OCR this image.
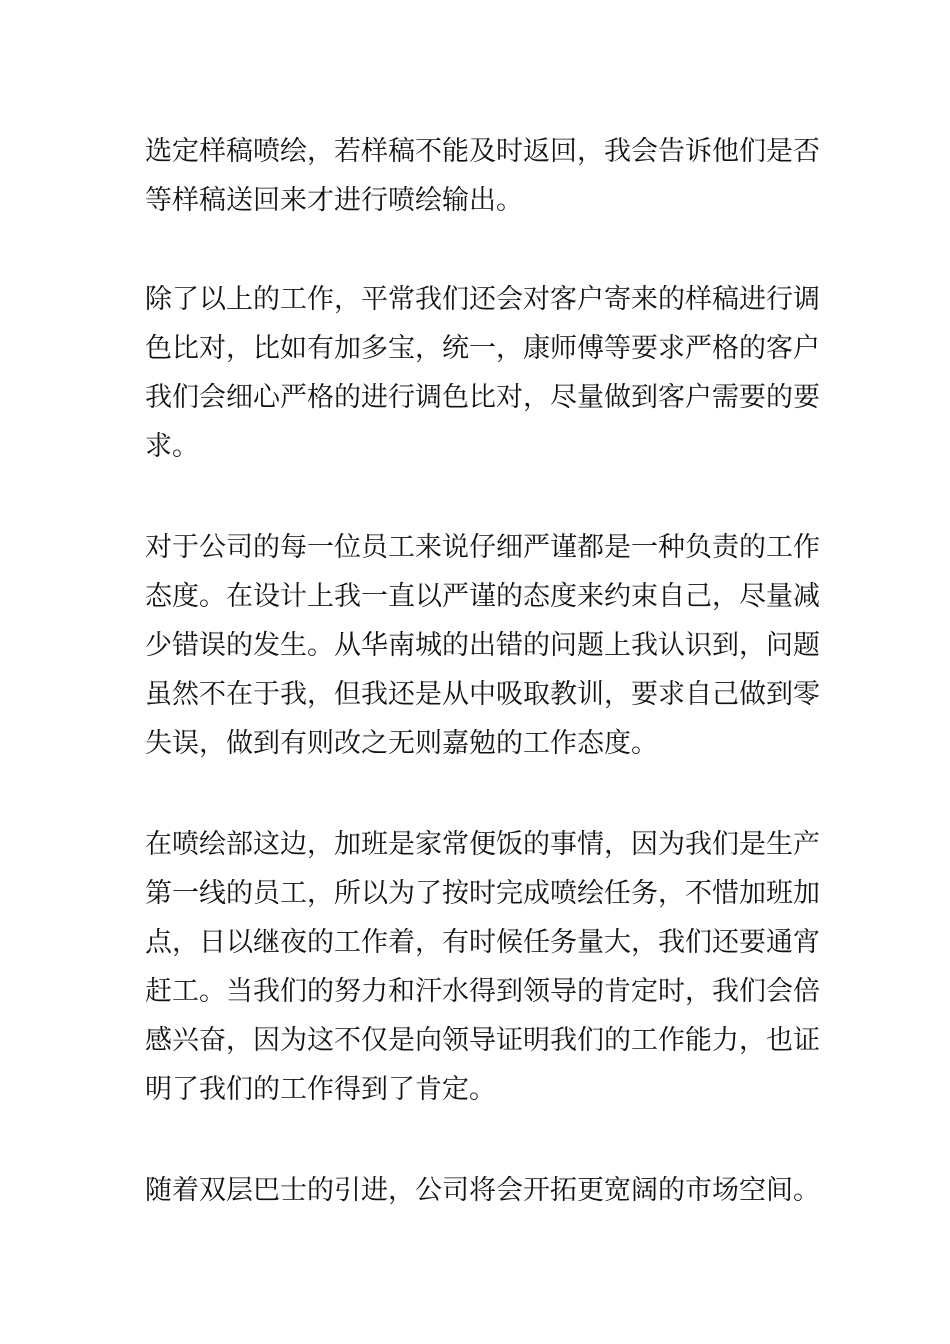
选定样稿喷绘，若样稿不能及时返回，我会告诉他们是否
等样稿送回来才进行喷绘输出。
除了以上的工作，平常我们还会对客户寄来的样稿进行调
色比对，比如有加多宝，统一，康师傅等要求严格的客户
我们会细心严格的进行调色比对，尽量做到客户需要的要
求。
对于公司的每一位员工来说仔细严谨都是一种负责的工作
态度。在设计上我一直以严谨的态度来约束自己，尽量减
少错误的发生。从华南城的出错的问题上我认识到，问题
虽然不在于我，但我还是从中吸取教训，要求自己做到零
失误，做到有则改之无则嘉勉的工作态度。
在喷绘部这边，加班是家常便饭的事情，因为我们是生产
第一线的员工，所以为了按时完成喷绘任务，不惜加班加
点，日以继夜的工作着，有时候任务量大，我们还要通宵
赶工。当我们的努力和汗水得到领导的肯定时，我们会倍
感兴奋，因为这不仅是向领导证明我们的工作能力，也证
明了我们的工作得到了肯定。
随着双层巴士的引进，公司将会开拓更宽阔的市场空间。
